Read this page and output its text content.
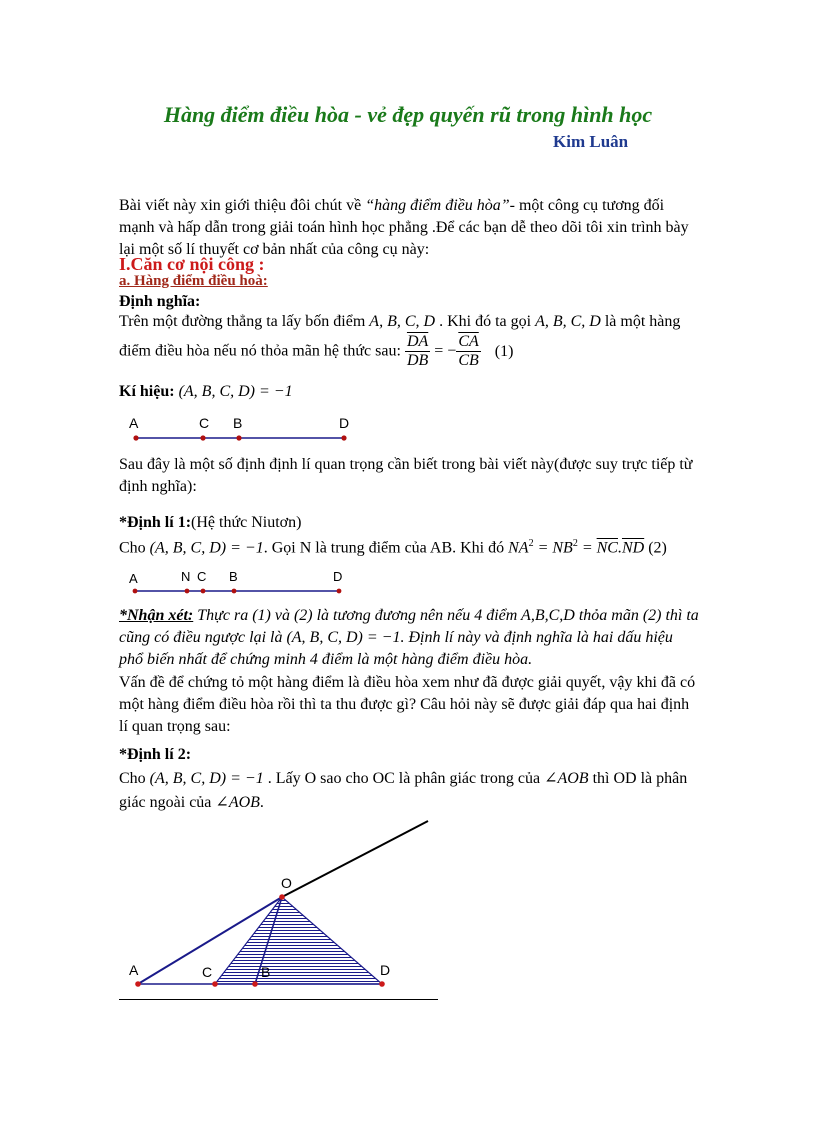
Hàng điểm điều hòa - vẻ đẹp quyến rũ trong hình học
Kim Luân
Bài viết này xin giới thiệu đôi chút về “hàng điểm điều hòa”- một công cụ tương đối mạnh và hấp dẫn trong giải toán hình học phẳng .Để các bạn dễ theo dõi tôi xin trình bày lại một số lí thuyết cơ bản nhất của công cụ này:
I.Căn cơ nội công :
a. Hàng điểm điều hoà:
Định nghĩa:
Trên một đường thẳng ta lấy bốn điểm A, B, C, D . Khi đó ta gọi A, B, C, D là một hàng
điểm điều hòa nếu nó thỏa mãn hệ thức sau: $\frac{\overline{DA}}{DB}$ = − $\frac{\overline{CA}}{CB} (1)$
Kí hiệu: (A, B, C, D) = −1
A	C B	D
Sau đây là một số định định lí quan trọng cần biết trong bài viết này(được suy trực tiếp từ định nghĩa):
*Định lí 1:(Hệ thức Niutơn)
Cho (A, B, C, D) = −1. Gọi N là trung điểm của AB. Khi đó $NA^2 = NB^2 = \overline{NC}.\overline{ND}$ (2)
A	N C B	D
*Nhận xét: Thực ra (1) và (2) là tương đương nên nếu 4 điểm A,B,C,D thỏa mãn (2) thì ta cũng có điều ngược lại là (A, B, C, D) = −1. Định lí này và định nghĩa là hai dấu hiệu phổ biến nhất để chứng minh 4 điểm là một hàng điểm điều hòa.
Vấn đề để chứng tỏ một hàng điểm là điều hòa xem như đã được giải quyết, vậy khi đã có một hàng điểm điều hòa rồi thì ta thu được gì? Câu hỏi này sẽ được giải đáp qua hai định lí quan trọng sau:
*Định lí 2:
Cho (A, B, C, D) = −1 . Lấy O sao cho OC là phân giác trong của ∠AOB thì OD là phân
giác ngoài của ∠AOB.
O
A	C	B	D
